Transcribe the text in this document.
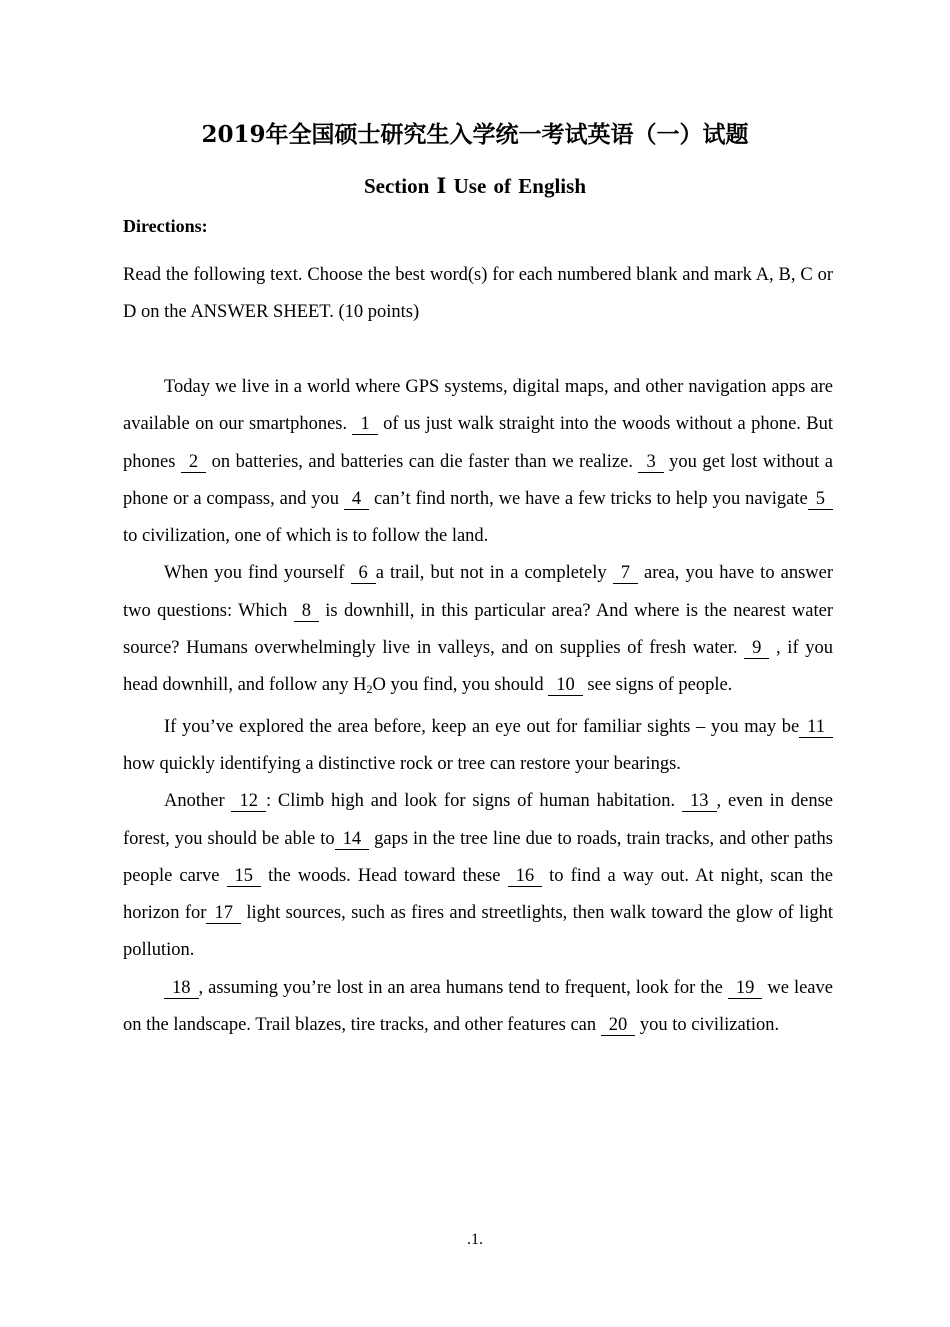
2019年全国硕士研究生入学统一考试英语（一）试题
Section Ⅰ Use of English
Directions:
Read the following text. Choose the best word(s) for each numbered blank and mark A, B, C or D on the ANSWER SHEET. (10 points)

Today we live in a world where GPS systems, digital maps, and other navigation apps are available on our smartphones. 1 of us just walk straight into the woods without a phone. But phones 2 on batteries, and batteries can die faster than we realize. 3 you get lost without a phone or a compass, and you 4 can’t find north, we have a few tricks to help you navigate 5 to civilization, one of which is to follow the land.

When you find yourself 6 a trail, but not in a completely 7 area, you have to answer two questions: Which 8 is downhill, in this particular area? And where is the nearest water source? Humans overwhelmingly live in valleys, and on supplies of fresh water. 9 , if you head downhill, and follow any $H_2O$ you find, you should 10 see signs of people.

If you’ve explored the area before, keep an eye out for familiar sights – you may be 11 how quickly identifying a distinctive rock or tree can restore your bearings.

Another 12 : Climb high and look for signs of human habitation. 13 , even in dense forest, you should be able to 14 gaps in the tree line due to roads, train tracks, and other paths people carve 15 the woods. Head toward these 16 to find a way out. At night, scan the horizon for 17 light sources, such as fires and streetlights, then walk toward the glow of light pollution.

18 , assuming you’re lost in an area humans tend to frequent, look for the 19 we leave on the landscape. Trail blazes, tire tracks, and other features can 20 you to civilization.

.1.
